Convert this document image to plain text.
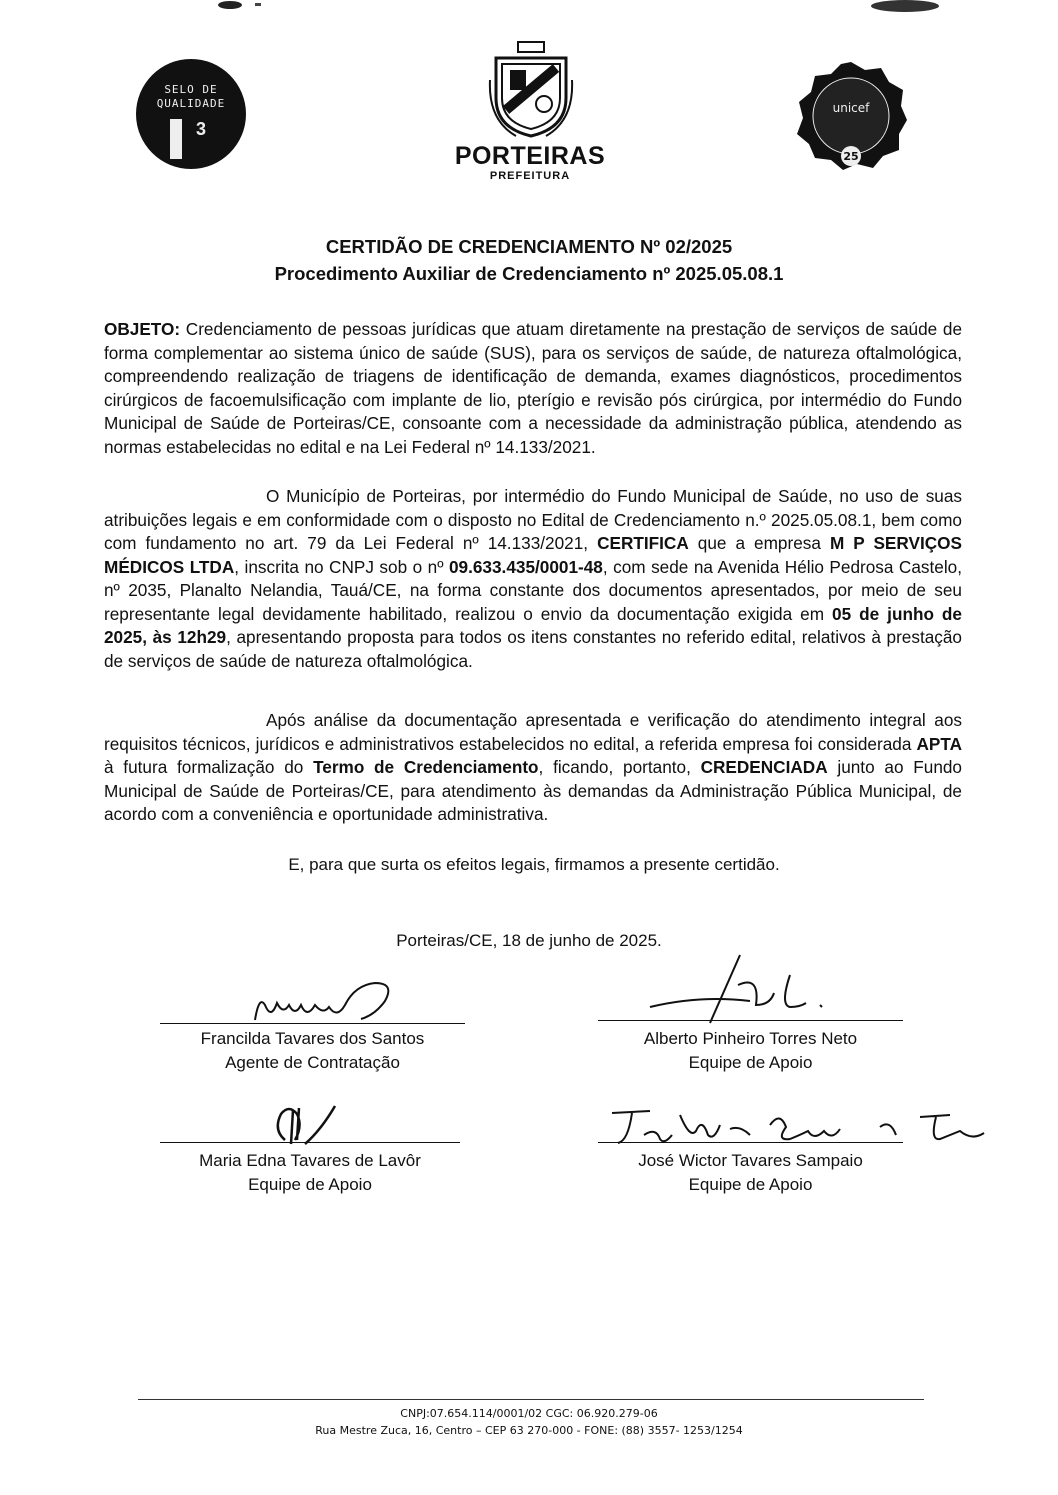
SELO DE
QUALIDADE
3
PORTEIRAS
PREFEITURA
unicef
25
CERTIDÃO DE CREDENCIAMENTO Nº 02/2025
Procedimento Auxiliar de Credenciamento nº 2025.05.08.1
OBJETO: Credenciamento de pessoas jurídicas que atuam diretamente na prestação de serviços de saúde de forma complementar ao sistema único de saúde (SUS), para os serviços de saúde, de natureza oftalmológica, compreendendo realização de triagens de identificação de demanda, exames diagnósticos, procedimentos cirúrgicos de facoemulsificação com implante de lio, pterígio e revisão pós cirúrgica, por intermédio do Fundo Municipal de Saúde de Porteiras/CE, consoante com a necessidade da administração pública, atendendo as normas estabelecidas no edital e na Lei Federal nº 14.133/2021.
O Município de Porteiras, por intermédio do Fundo Municipal de Saúde, no uso de suas atribuições legais e em conformidade com o disposto no Edital de Credenciamento n.º 2025.05.08.1, bem como com fundamento no art. 79 da Lei Federal nº 14.133/2021, CERTIFICA que a empresa M P SERVIÇOS MÉDICOS LTDA, inscrita no CNPJ sob o nº 09.633.435/0001-48, com sede na Avenida Hélio Pedrosa Castelo, nº 2035, Planalto Nelandia, Tauá/CE, na forma constante dos documentos apresentados, por meio de seu representante legal devidamente habilitado, realizou o envio da documentação exigida em 05 de junho de 2025, às 12h29, apresentando proposta para todos os itens constantes no referido edital, relativos à prestação de serviços de saúde de natureza oftalmológica.
Após análise da documentação apresentada e verificação do atendimento integral aos requisitos técnicos, jurídicos e administrativos estabelecidos no edital, a referida empresa foi considerada APTA à futura formalização do Termo de Credenciamento, ficando, portanto, CREDENCIADA junto ao Fundo Municipal de Saúde de Porteiras/CE, para atendimento às demandas da Administração Pública Municipal, de acordo com a conveniência e oportunidade administrativa.
E, para que surta os efeitos legais, firmamos a presente certidão.
Porteiras/CE, 18 de junho de 2025.
Francilda Tavares dos Santos
Agente de Contratação
Alberto Pinheiro Torres Neto
Equipe de Apoio
Maria Edna Tavares de Lavôr
Equipe de Apoio
José Wictor Tavares Sampaio
Equipe de Apoio
CNPJ:07.654.114/0001/02 CGC: 06.920.279-06
Rua Mestre Zuca, 16, Centro – CEP 63 270-000 - FONE: (88) 3557- 1253/1254
